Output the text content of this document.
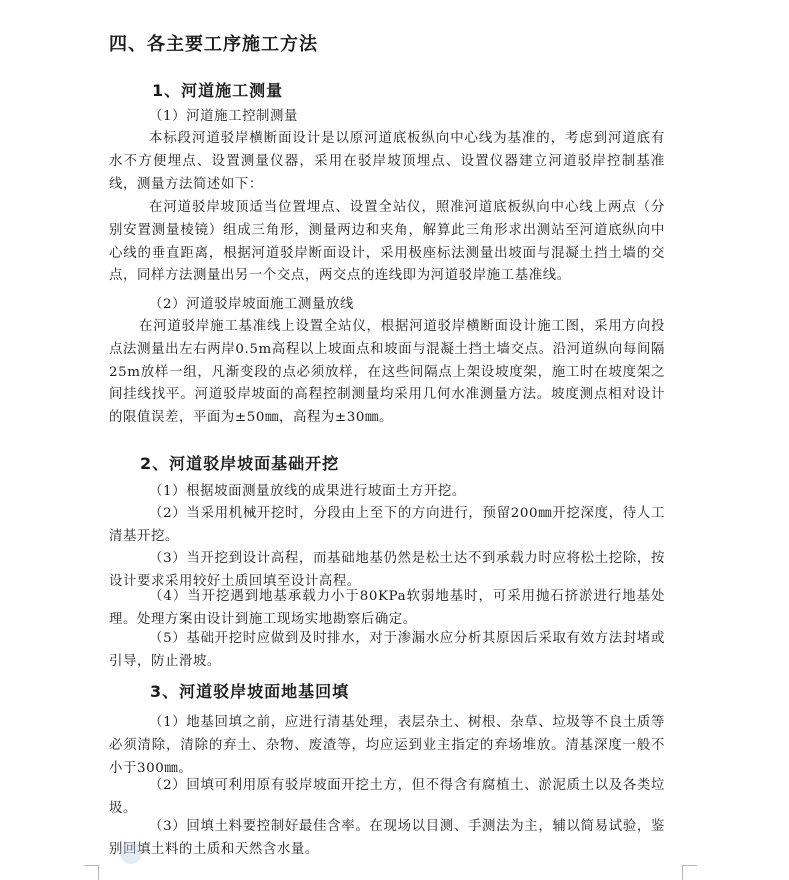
四、各主要工序施工方法
1、河道施工测量
（1）河道施工控制测量
本标段河道驳岸横断面设计是以原河道底板纵向中心线为基准的，考虑到河道底有水不方便埋点、设置测量仪器，采用在驳岸坡顶埋点、设置仪器建立河道驳岸控制基准线，测量方法简述如下：
在河道驳岸坡顶适当位置埋点、设置全站仪，照准河道底板纵向中心线上两点（分别安置测量棱镜）组成三角形，测量两边和夹角，解算此三角形求出测站至河道底纵向中心线的垂直距离，根据河道驳岸断面设计，采用极座标法测量出坡面与混凝土挡土墙的交点，同样方法测量出另一个交点，两交点的连线即为河道驳岸施工基准线。
（2）河道驳岸坡面施工测量放线
在河道驳岸施工基准线上设置全站仪，根据河道驳岸横断面设计施工图，采用方向投点法测量出左右两岸0.5m高程以上坡面点和坡面与混凝土挡土墙交点。沿河道纵向每间隔25m放样一组，凡渐变段的点必须放样，在这些间隔点上架设坡度架，施工时在坡度架之间挂线找平。河道驳岸坡面的高程控制测量均采用几何水准测量方法。坡度测点相对设计的限值误差，平面为±50㎜，高程为±30㎜。
2、河道驳岸坡面基础开挖
（1）根据坡面测量放线的成果进行坡面土方开挖。
（2）当采用机械开挖时，分段由上至下的方向进行，预留200㎜开挖深度，待人工清基开挖。
（3）当开挖到设计高程，而基础地基仍然是松土达不到承载力时应将松土挖除，按设计要求采用较好土质回填至设计高程。
（4）当开挖遇到地基承载力小于80KPa软弱地基时，可采用抛石挤淤进行地基处理。处理方案由设计到施工现场实地勘察后确定。
（5）基础开挖时应做到及时排水，对于渗漏水应分析其原因后采取有效方法封堵或引导，防止滑坡。
3、河道驳岸坡面地基回填
（1）地基回填之前，应进行清基处理，表层杂土、树根、杂草、垃圾等不良土质等必须清除，清除的弃土、杂物、废渣等，均应运到业主指定的弃场堆放。清基深度一般不小于300㎜。
（2）回填可利用原有驳岸坡面开挖土方，但不得含有腐植土、淤泥质土以及各类垃圾。
（3）回填土料要控制好最佳含率。在现场以目测、手测法为主，辅以简易试验，鉴别回填土料的土质和天然含水量。
